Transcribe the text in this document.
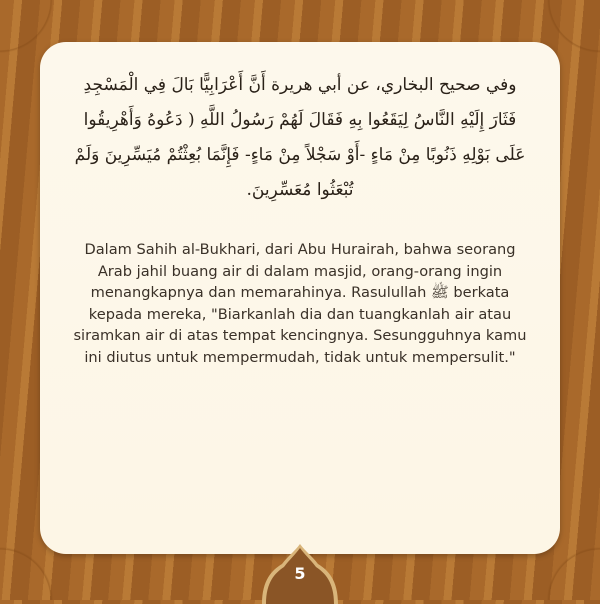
وفي صحيح البخاري، عن أبي هريرة أَنَّ أَعْرَابِيًّا بَالَ فِي الْمَسْجِدِ فَثَارَ إِلَيْهِ النَّاسُ لِيَقَعُوا بِهِ فَقَالَ لَهُمْ رَسُولُ اللَّهِ ( دَعُوهُ وَأَهْرِيقُوا عَلَى بَوْلِهِ ذَنُوبًا مِنْ مَاءٍ -أَوْ سَجْلاً مِنْ مَاءٍ- فَإِنَّمَا بُعِثْتُمْ مُيَسِّرِينَ وَلَمْ تُبْعَثُوا مُعَسِّرِينَ.
Dalam Sahih al-Bukhari, dari Abu Hurairah, bahwa seorang Arab jahil buang air di dalam masjid, orang-orang ingin menangkapnya dan memarahinya. Rasulullah ﷺ berkata kepada mereka, "Biarkanlah dia dan tuangkanlah air atau siramkan air di atas tempat kencingnya. Sesungguhnya kamu ini diutus untuk mempermudah, tidak untuk mempersulit."
5
